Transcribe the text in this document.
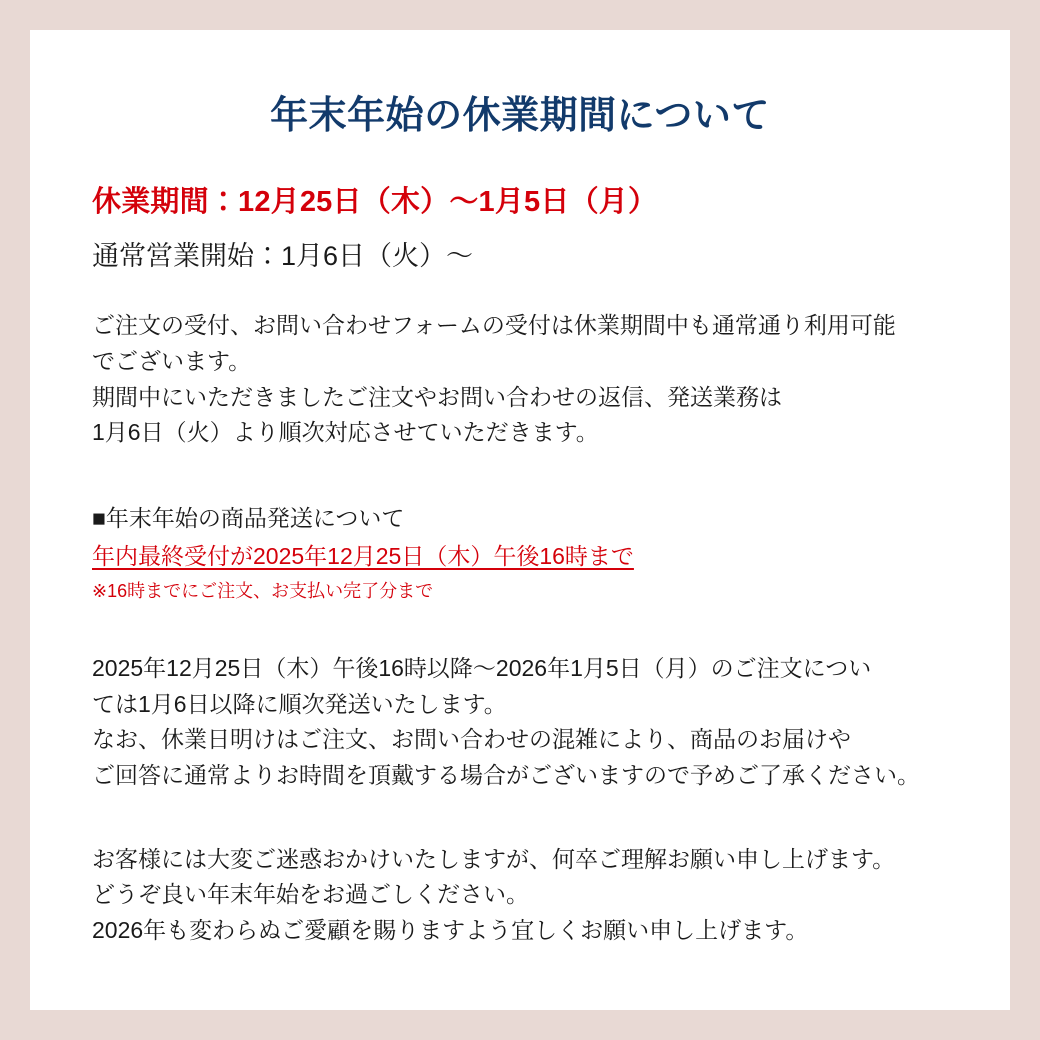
年末年始の休業期間について
休業期間：12月25日（木）〜1月5日（月）
通常営業開始：1月6日（火）〜
ご注文の受付、お問い合わせフォームの受付は休業期間中も通常通り利用可能
でございます。
期間中にいただきましたご注文やお問い合わせの返信、発送業務は
1月6日（火）より順次対応させていただきます。
■年末年始の商品発送について
年内最終受付が2025年12月25日（木）午後16時まで
※16時までにご注文、お支払い完了分まで
2025年12月25日（木）午後16時以降〜2026年1月5日（月）のご注文につい
ては1月6日以降に順次発送いたします。
なお、休業日明けはご注文、お問い合わせの混雑により、商品のお届けや
ご回答に通常よりお時間を頂戴する場合がございますので予めご了承ください。
お客様には大変ご迷惑おかけいたしますが、何卒ご理解お願い申し上げます。
どうぞ良い年末年始をお過ごしください。
2026年も変わらぬご愛顧を賜りますよう宜しくお願い申し上げます。
